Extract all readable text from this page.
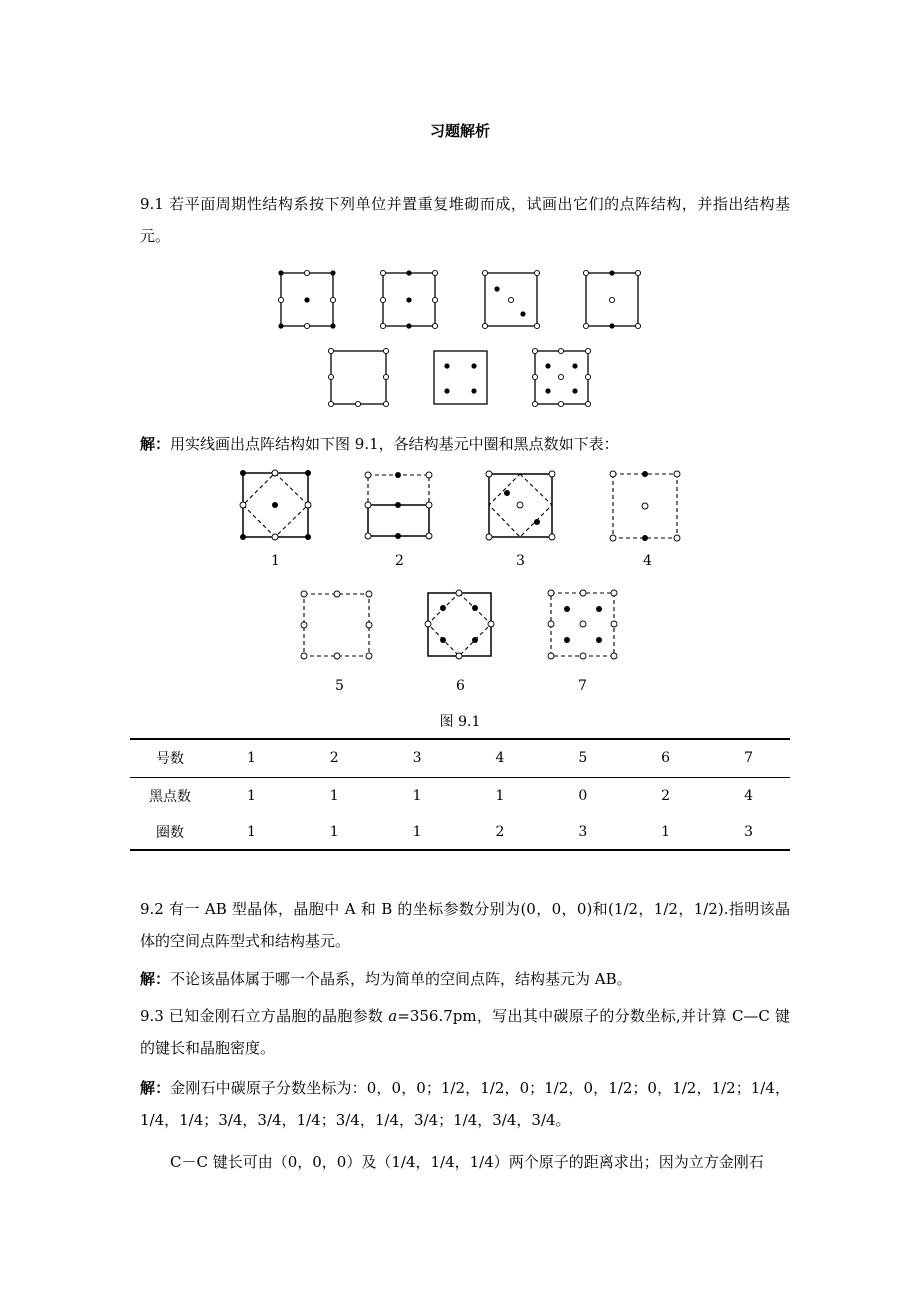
习题解析
9.1 若平面周期性结构系按下列单位并置重复堆砌而成，试画出它们的点阵结构，并指出结构基元。
解：用实线画出点阵结构如下图 9.1，各结构基元中圈和黑点数如下表：
1	2	3	4
5	6	7
图 9.1
号数	1	2	3	4	5	6	7
黑点数	1	1	1	1	0	2	4
圈数	1	1	1	2	3	1	3
9.2 有一 AB 型晶体，晶胞中 A 和 B 的坐标参数分别为(0，0，0)和(1/2，1/2，1/2).指明该晶体的空间点阵型式和结构基元。
解：不论该晶体属于哪一个晶系，均为简单的空间点阵，结构基元为 AB。
9.3 已知金刚石立方晶胞的晶胞参数 a=356.7pm，写出其中碳原子的分数坐标,并计算 C—C 键的键长和晶胞密度。
解：金刚石中碳原子分数坐标为：0，0，0；1/2，1/2，0；1/2，0，1/2；0，1/2，1/2；1/4，1/4，1/4；3/4，3/4，1/4；3/4，1/4，3/4；1/4，3/4，3/4。
C－C 键长可由（0，0，0）及（1/4，1/4，1/4）两个原子的距离求出；因为立方金刚石
